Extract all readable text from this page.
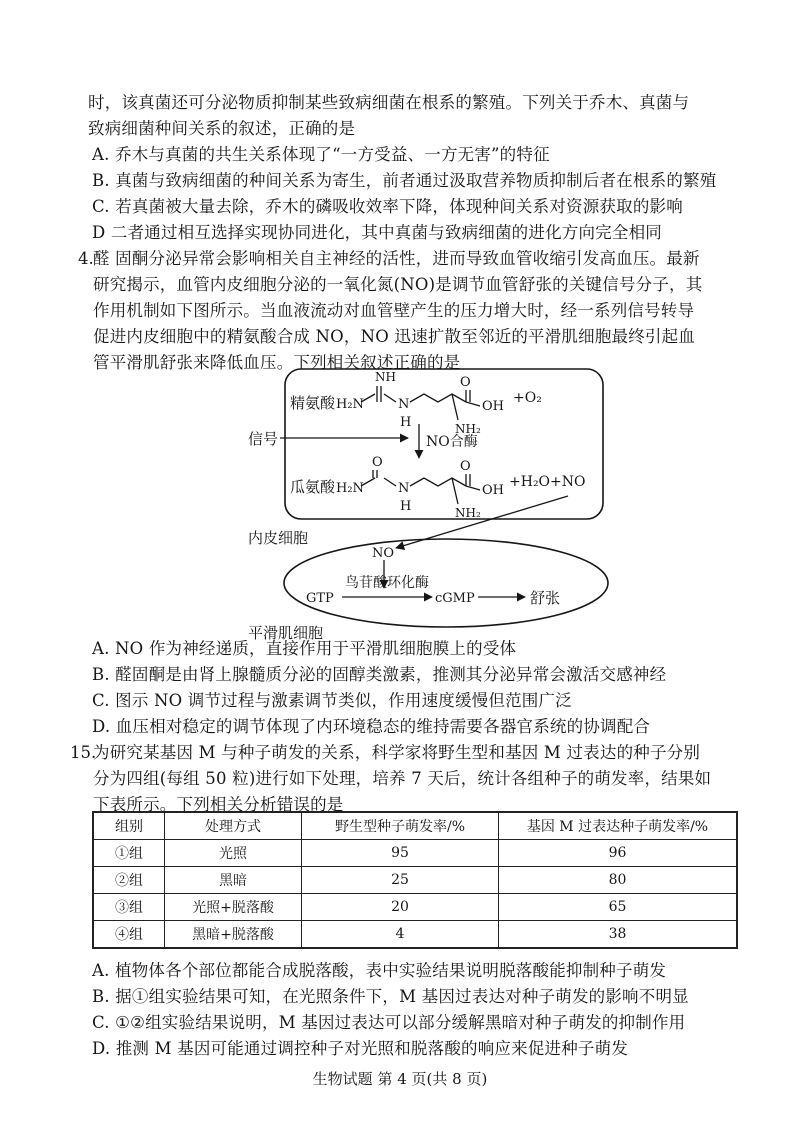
时，该真菌还可分泌物质抑制某些致病细菌在根系的繁殖。下列关于乔木、真菌与
致病细菌种间关系的叙述，正确的是
A. 乔木与真菌的共生关系体现了“一方受益、一方无害”的特征
B. 真菌与致病细菌的种间关系为寄生，前者通过汲取营养物质抑制后者在根系的繁殖
C. 若真菌被大量去除，乔木的磷吸收效率下降，体现种间关系对资源获取的影响
D 二者通过相互选择实现协同进化，其中真菌与致病细菌的进化方向完全相同
4. 醛 固酮分泌异常会影响相关自主神经的活性，进而导致血管收缩引发高血压。最新
研究揭示，血管内皮细胞分泌的一氧化氮(NO)是调节血管舒张的关键信号分子，其
作用机制如下图所示。当血液流动对血管壁产生的压力增大时，经一系列信号转导
促进内皮细胞中的精氨酸合成 NO，NO 迅速扩散至邻近的平滑肌细胞最终引起血
管平滑肌舒张来降低血压。下列相关叙述正确的是
精氨酸 H₂N
NH
N
H
O
OH
NH₂
+O₂
信号	NO合酶
瓜氨酸 H₂N
O
N
H
OH
O
NH₂
+H₂O+NO
内皮细胞
NO
鸟苷酸环化酶
GTP	cGMP	舒张
平滑肌细胞
A. NO 作为神经递质，直接作用于平滑肌细胞膜上的受体
B. 醛固酮是由肾上腺髓质分泌的固醇类激素，推测其分泌异常会激活交感神经
C. 图示 NO 调节过程与激素调节类似，作用速度缓慢但范围广泛
D. 血压相对稳定的调节体现了内环境稳态的维持需要各器官系统的协调配合
15.
为研究某基因 M 与种子萌发的关系，科学家将野生型和基因 M 过表达的种子分别
分为四组(每组 50 粒)进行如下处理，培养 7 天后，统计各组种子的萌发率，结果如
下表所示。下列相关分析错误的是
组别	处理方式	野生型种子萌发率/%	基因 M 过表达种子萌发率/%
①组	光照	95	96
②组	黑暗	25	80
③组	光照+脱落酸	20	65
④组	黑暗+脱落酸	4	38
A. 植物体各个部位都能合成脱落酸，表中实验结果说明脱落酸能抑制种子萌发
B. 据①组实验结果可知，在光照条件下，M 基因过表达对种子萌发的影响不明显
C. ①②组实验结果说明，M 基因过表达可以部分缓解黑暗对种子萌发的抑制作用
D. 推测 M 基因可能通过调控种子对光照和脱落酸的响应来促进种子萌发
生物试题 第 4 页(共 8 页)
